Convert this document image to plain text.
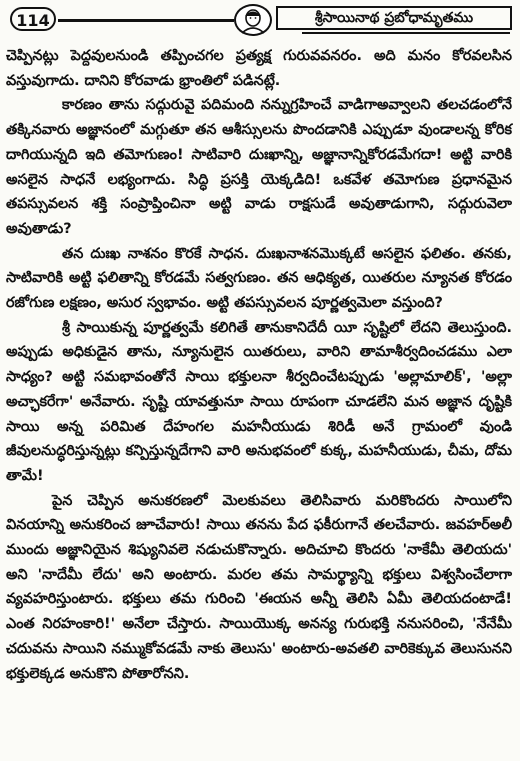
114	శ్రీసాయినాథ ప్రబోధామృతము

చెప్పినట్లు పెద్దవులనుండి తప్పించగల ప్రత్యక్ష గురువవనరం. అది మనం కోరవలసిన వస్తువుగాదు. దానిని కోరవాడు భ్రాంతిలో పడినట్లే.

కారణం తాను సద్గురువై పదిమంది నన్నుగ్రహించే వాడిగాఅవ్వాలని తలచడంలోనే తక్కినవారు అజ్ఞానంలో మగ్గుతూ తన ఆశీస్సులను పొందడానికి ఎప్పుడూ వుండాలన్న కోరిక దాగియున్నది ఇది తమోగుణం! సాటివారి దుఃఖాన్ని, అజ్ఞానాన్నికోరడమేగదా! అట్టి వారికి అసలైన సాధనే లభ్యంగాదు. సిద్ధి ప్రసక్తి యెక్కడిది! ఒకవేళ తమోగుణ ప్రధానమైన తపస్సువలన శక్తి సంప్రాప్తించినా అట్టి వాడు రాక్షసుడే అవుతాడుగాని, సద్గురువెలా అవుతాడు?

తన దుఃఖ నాశనం కొరకే సాధన. దుఃఖనాశనమొక్కటే అసలైన ఫలితం. తనకు, సాటివారికి అట్టి ఫలితాన్ని కోరడమే సత్వగుణం. తన ఆధిక్యత, యితరుల న్యూనత కోరడం రజోగుణ లక్షణం, అసుర స్వభావం. అట్టి తపస్సువలన పూర్ణత్వమెలా వస్తుంది?

శ్రీ సాయికున్న పూర్ణత్వమే కలిగితే తానుకానిదేదీ యీ సృష్టిలో లేదని తెలుస్తుంది. అప్పుడు అధికుడైన తాను, న్యూనులైన యితరులు, వారిని తామాశీర్వదించడము ఎలా సాధ్యం? అట్టి సమభావంతోనే సాయి భక్తులనా శీర్వదించేటప్పుడు 'అల్లామాలిక్', 'అల్లా అచ్ఛాకరేగా' అనేవారు. సృష్టి యావత్తునూ సాయి రూపంగా చూడలేని మన అజ్ఞాన దృష్టికి సాయి అన్న పరిమిత దేహంగల మహనీయుడు శిరిడీ అనే గ్రామంలో వుండి జీవులనుద్ధరిస్తున్నట్లు కన్పిస్తున్నదేగాని వారి అనుభవంలో కుక్క, మహనీయుడు, చీమ, దోమ తామే!

పైన చెప్పిన అనుకరణలో మెలకువలు తెలిసివారు మరికొందరు సాయిలోని వినయాన్ని అనుకరించ జూచేవారు! సాయి తనను పేద ఫకీరుగానే తలచేవారు. జవహర్అలీ ముందు అజ్ఞానియైన శిష్యునివలె నడుచుకొన్నారు. అదిచూచి కొందరు 'నాకేమీ తెలియదు' అని 'నాదేమీ లేదు' అని అంటారు. మరల తమ సామర్థ్యాన్ని భక్తులు విశ్వసించేలాగా వ్యవహరిస్తుంటారు. భక్తులు తమ గురించి 'ఈయన అన్నీ తెలిసి ఏమీ తెలియదంటాడే! ఎంత నిరహంకారి!' అనేలా చేస్తారు. సాయియొక్క అనన్య గురుభక్తి ననుసరించి, 'నేనేమీ చదువను సాయిని నమ్ముకోవడమే నాకు తెలుసు' అంటారు-అవతలి వారికెక్కువ తెలుసునని భక్తులెక్కడ అనుకొని పోతారోనని.
